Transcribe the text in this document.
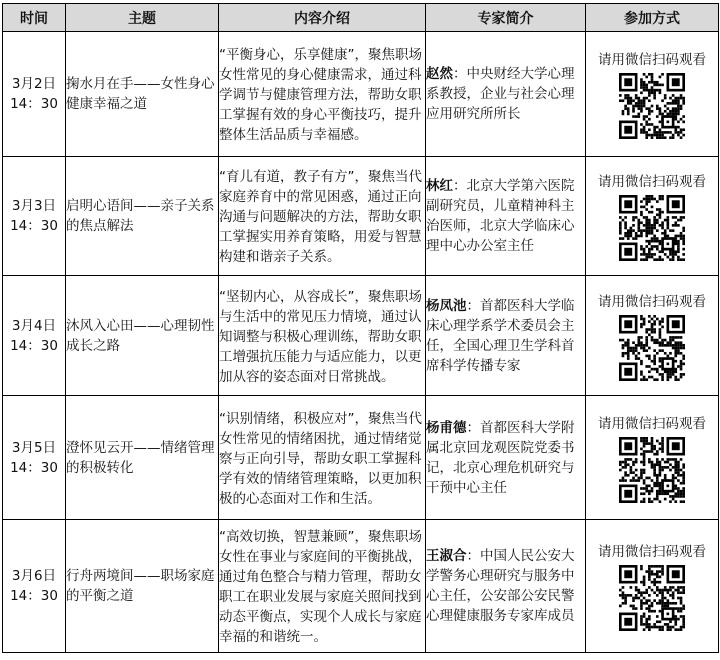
时间	主题	内容介绍	专家简介	参加方式

3月2日
14：30	掬水月在手——女性身心健康幸福之道	“平衡身心，乐享健康”，聚焦职场女性常见的身心健康需求，通过科学调节与健康管理方法，帮助女职工掌握有效的身心平衡技巧，提升整体生活品质与幸福感。	赵然：中央财经大学心理系教授，企业与社会心理应用研究所所长	请用微信扫码观看

3月3日
14：30	启明心语间——亲子关系的焦点解法	“育儿有道，教子有方”，聚焦当代家庭养育中的常见困惑，通过正向沟通与问题解决的方法，帮助女职工掌握实用养育策略，用爱与智慧构建和谐亲子关系。	林红：北京大学第六医院副研究员，儿童精神科主治医师，北京大学临床心理中心办公室主任	请用微信扫码观看

3月4日
14：30	沐风入心田——心理韧性成长之路	“坚韧内心，从容成长”，聚焦职场与生活中的常见压力情境，通过认知调整与积极心理训练，帮助女职工增强抗压能力与适应能力，以更加从容的姿态面对日常挑战。	杨凤池：首都医科大学临床心理学系学术委员会主任，全国心理卫生学科首席科学传播专家	请用微信扫码观看

3月5日
14：30	澄怀见云开——情绪管理的积极转化	“识别情绪，积极应对”，聚焦当代女性常见的情绪困扰，通过情绪觉察与正向引导，帮助女职工掌握科学有效的情绪管理策略，以更加积极的心态面对工作和生活。	杨甫德：首都医科大学附属北京回龙观医院党委书记，北京心理危机研究与干预中心主任	请用微信扫码观看

3月6日
14：30	行舟两境间——职场家庭的平衡之道	“高效切换，智慧兼顾”，聚焦职场女性在事业与家庭间的平衡挑战，通过角色整合与精力管理，帮助女职工在职业发展与家庭关照间找到动态平衡点，实现个人成长与家庭幸福的和谐统一。	王淑合：中国人民公安大学警务心理研究与服务中心主任，公安部公安民警心理健康服务专家库成员	请用微信扫码观看
